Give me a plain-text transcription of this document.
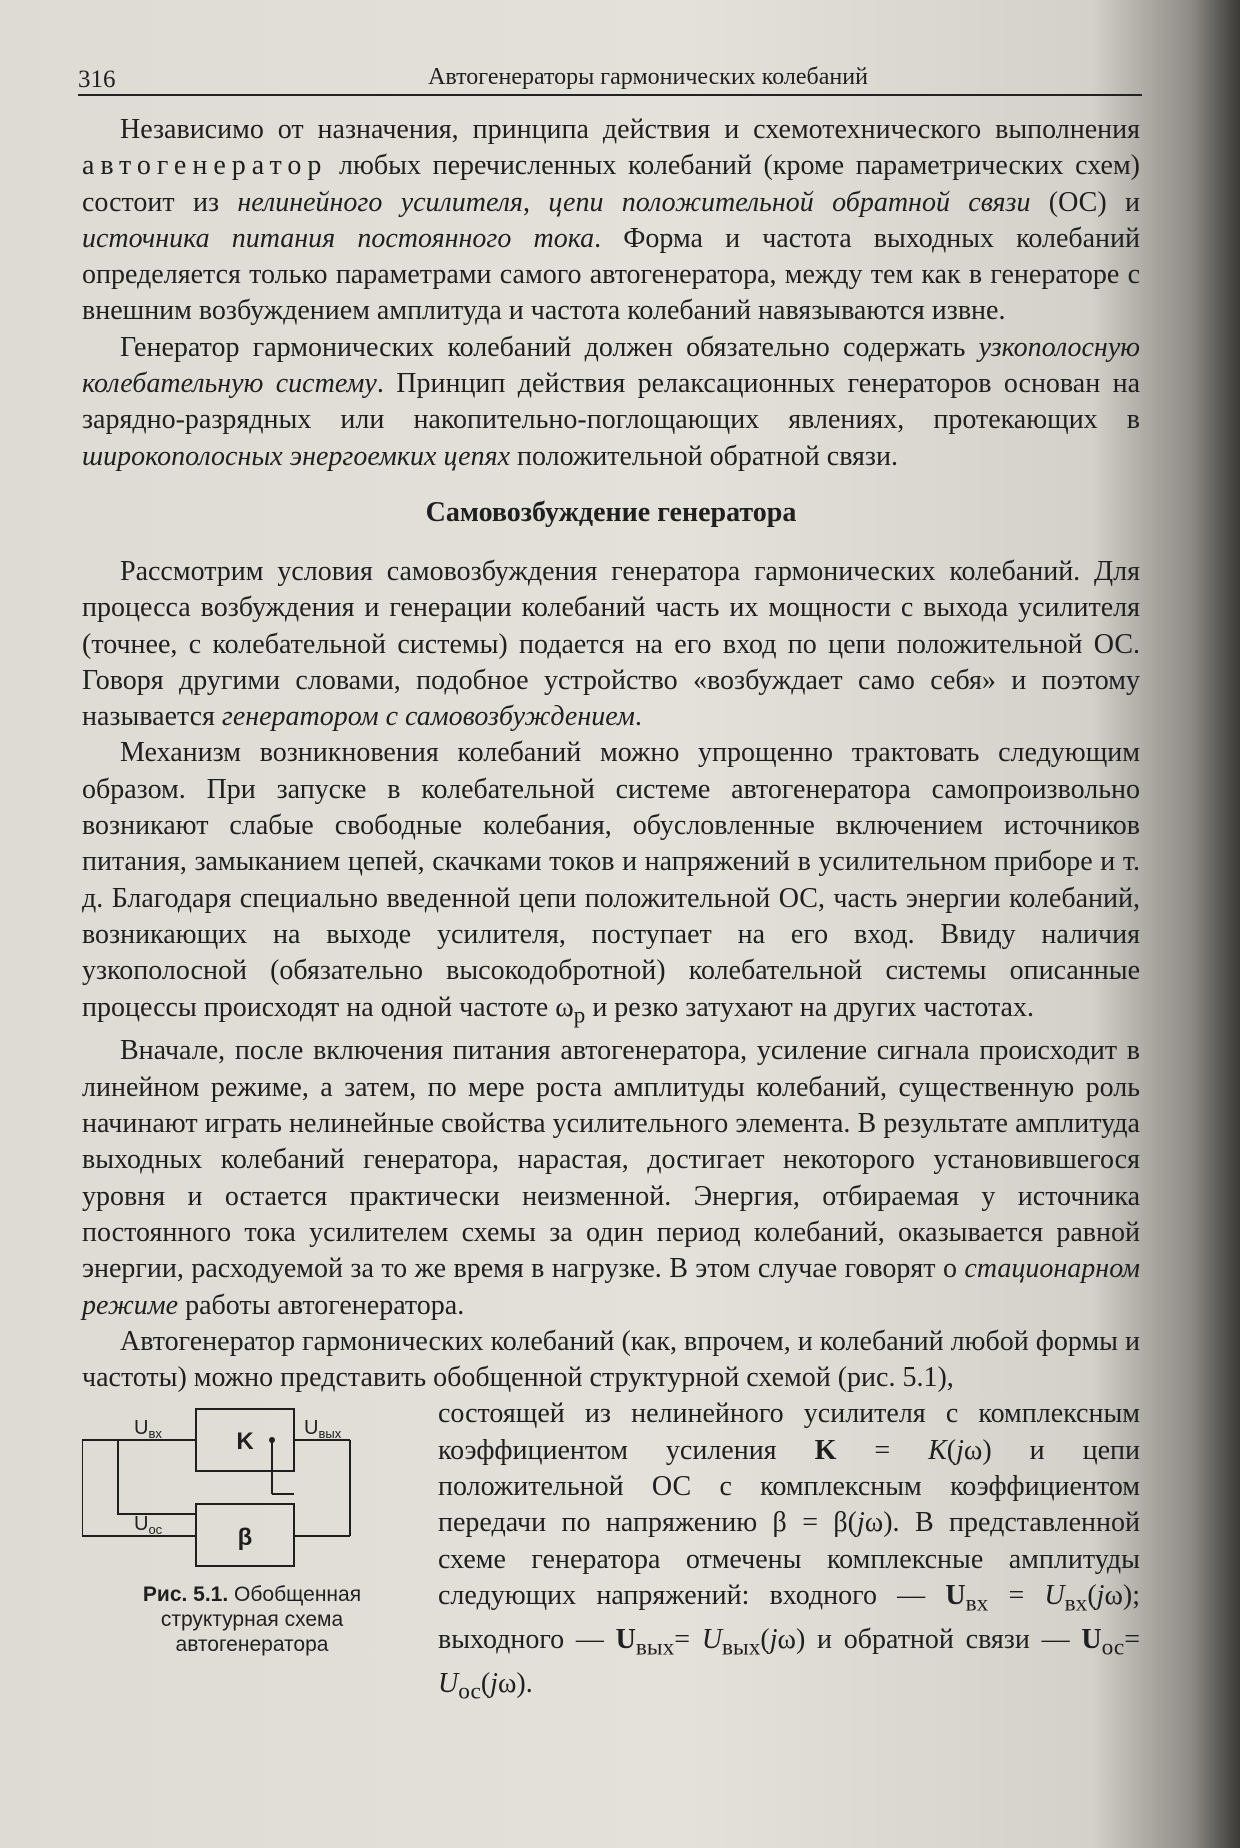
316	Автогенераторы гармонических колебаний

Независимо от назначения, принципа действия и схемотехнического выполнения автогенератор любых перечисленных колебаний (кроме параметрических схем) состоит из нелинейного усилителя, цепи положительной обратной связи (ОС) и источника питания постоянного тока. Форма и частота выходных колебаний определяется только параметрами самого автогенератора, между тем как в генераторе с внешним возбуждением амплитуда и частота колебаний навязываются извне.

Генератор гармонических колебаний должен обязательно содержать узкополосную колебательную систему. Принцип действия релаксационных генераторов основан на зарядно-разрядных или накопительно-поглощающих явлениях, протекающих в широкополосных энергоемких цепях положительной обратной связи.

Самовозбуждение генератора

Рассмотрим условия самовозбуждения генератора гармонических колебаний. Для процесса возбуждения и генерации колебаний часть их мощности с выхода усилителя (точнее, с колебательной системы) подается на его вход по цепи положительной ОС. Говоря другими словами, подобное устройство «возбуждает само себя» и поэтому называется генератором с самовозбуждением.

Механизм возникновения колебаний можно упрощенно трактовать следующим образом. При запуске в колебательной системе автогенератора самопроизвольно возникают слабые свободные колебания, обусловленные включением источников питания, замыканием цепей, скачками токов и напряжений в усилительном приборе и т. д. Благодаря специально введенной цепи положительной ОС, часть энергии колебаний, возникающих на выходе усилителя, поступает на его вход. Ввиду наличия узкополосной (обязательно высокодобротной) колебательной системы описанные процессы происходят на одной частоте $\omega_р$ и резко затухают на других частотах.

Вначале, после включения питания автогенератора, усиление сигнала происходит в линейном режиме, а затем, по мере роста амплитуды колебаний, существенную роль начинают играть нелинейные свойства усилительного элемента. В результате амплитуда выходных колебаний генератора, нарастая, достигает некоторого установившегося уровня и остается практически неизменной. Энергия, отбираемая у источника постоянного тока усилителем схемы за один период колебаний, оказывается равной энергии, расходуемой за то же время в нагрузке. В этом случае говорят о стационарном режиме работы автогенератора.

Автогенератор гармонических колебаний (как, впрочем, и колебаний любой формы и частоты) можно представить обобщенной структурной схемой (рис. 5.1),

K
β
$U_{вх}$	$U_{вых}$
$U_{ос}$
Рис. 5.1. Обобщенная структурная схема автогенератора

состоящей из нелинейного усилителя с комплексным коэффициентом усиления K = K(jω) и цепи положительной ОС с комплексным коэффициентом передачи по напряжению β = β(jω). В представленной схеме генератора отмечены комплексные амплитуды следующих напряжений: входного — $U_{вх} = U_{вх}(j\omega)$; выходного — $U_{вых}= U_{вых}(j\omega)$ и обратной связи — $U_{ос}= U_{ос}(j\omega)$.
